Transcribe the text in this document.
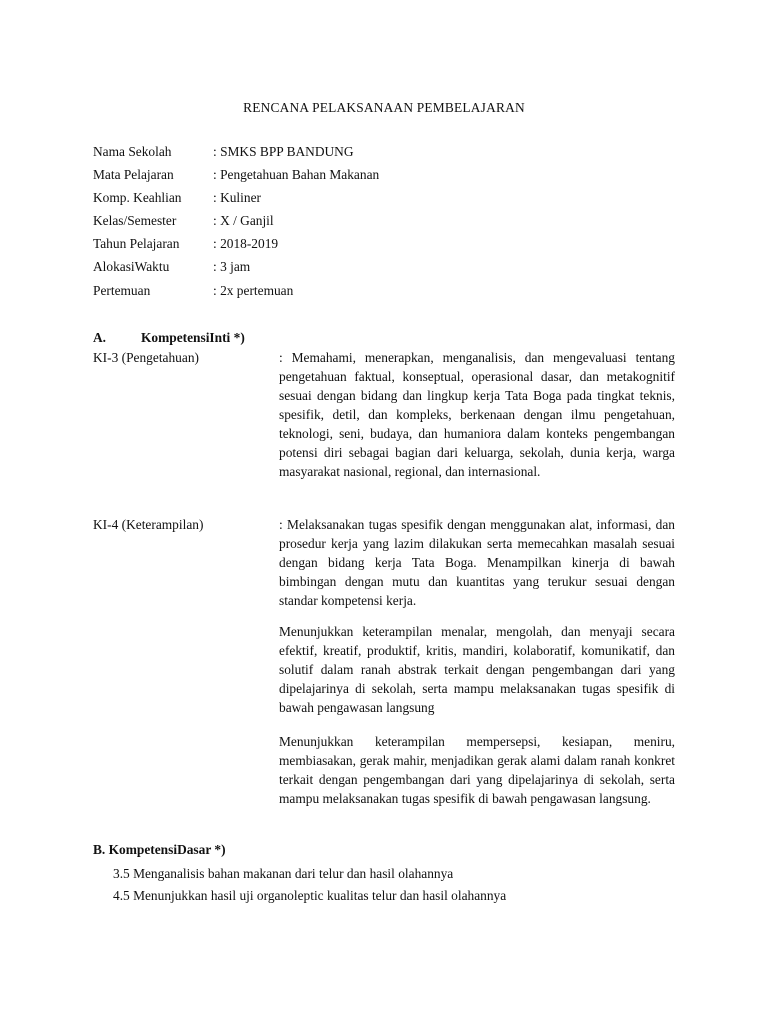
RENCANA PELAKSANAAN PEMBELAJARAN
Nama Sekolah	: SMKS BPP BANDUNG
Mata Pelajaran	: Pengetahuan Bahan Makanan
Komp. Keahlian	: Kuliner
Kelas/Semester	: X / Ganjil
Tahun Pelajaran	: 2018-2019
AlokasiWaktu	: 3 jam
Pertemuan	: 2x pertemuan
A.	KompetensiInti *)
KI-3 (Pengetahuan)	: Memahami, menerapkan, menganalisis, dan mengevaluasi tentang pengetahuan faktual, konseptual, operasional dasar, dan metakognitif sesuai dengan bidang dan lingkup kerja Tata Boga pada tingkat teknis, spesifik, detil, dan kompleks, berkenaan dengan ilmu pengetahuan, teknologi, seni, budaya, dan humaniora dalam konteks pengembangan potensi diri sebagai bagian dari keluarga, sekolah, dunia kerja, warga masyarakat nasional, regional, dan internasional.
KI-4 (Keterampilan)	: Melaksanakan tugas spesifik dengan menggunakan alat, informasi, dan prosedur kerja yang lazim dilakukan serta memecahkan masalah sesuai dengan bidang kerja Tata Boga. Menampilkan kinerja di bawah bimbingan dengan mutu dan kuantitas yang terukur sesuai dengan standar kompetensi kerja.
Menunjukkan keterampilan menalar, mengolah, dan menyaji secara efektif, kreatif, produktif, kritis, mandiri, kolaboratif, komunikatif, dan solutif dalam ranah abstrak terkait dengan pengembangan dari yang dipelajarinya di sekolah, serta mampu melaksanakan tugas spesifik di bawah pengawasan langsung
Menunjukkan keterampilan mempersepsi, kesiapan, meniru, membiasakan, gerak mahir, menjadikan gerak alami dalam ranah konkret terkait dengan pengembangan dari yang dipelajarinya di sekolah, serta mampu melaksanakan tugas spesifik di bawah pengawasan langsung.
B. KompetensiDasar *)
3.5 Menganalisis bahan makanan dari telur dan hasil olahannya
4.5 Menunjukkan hasil uji organoleptic kualitas telur dan hasil olahannya
